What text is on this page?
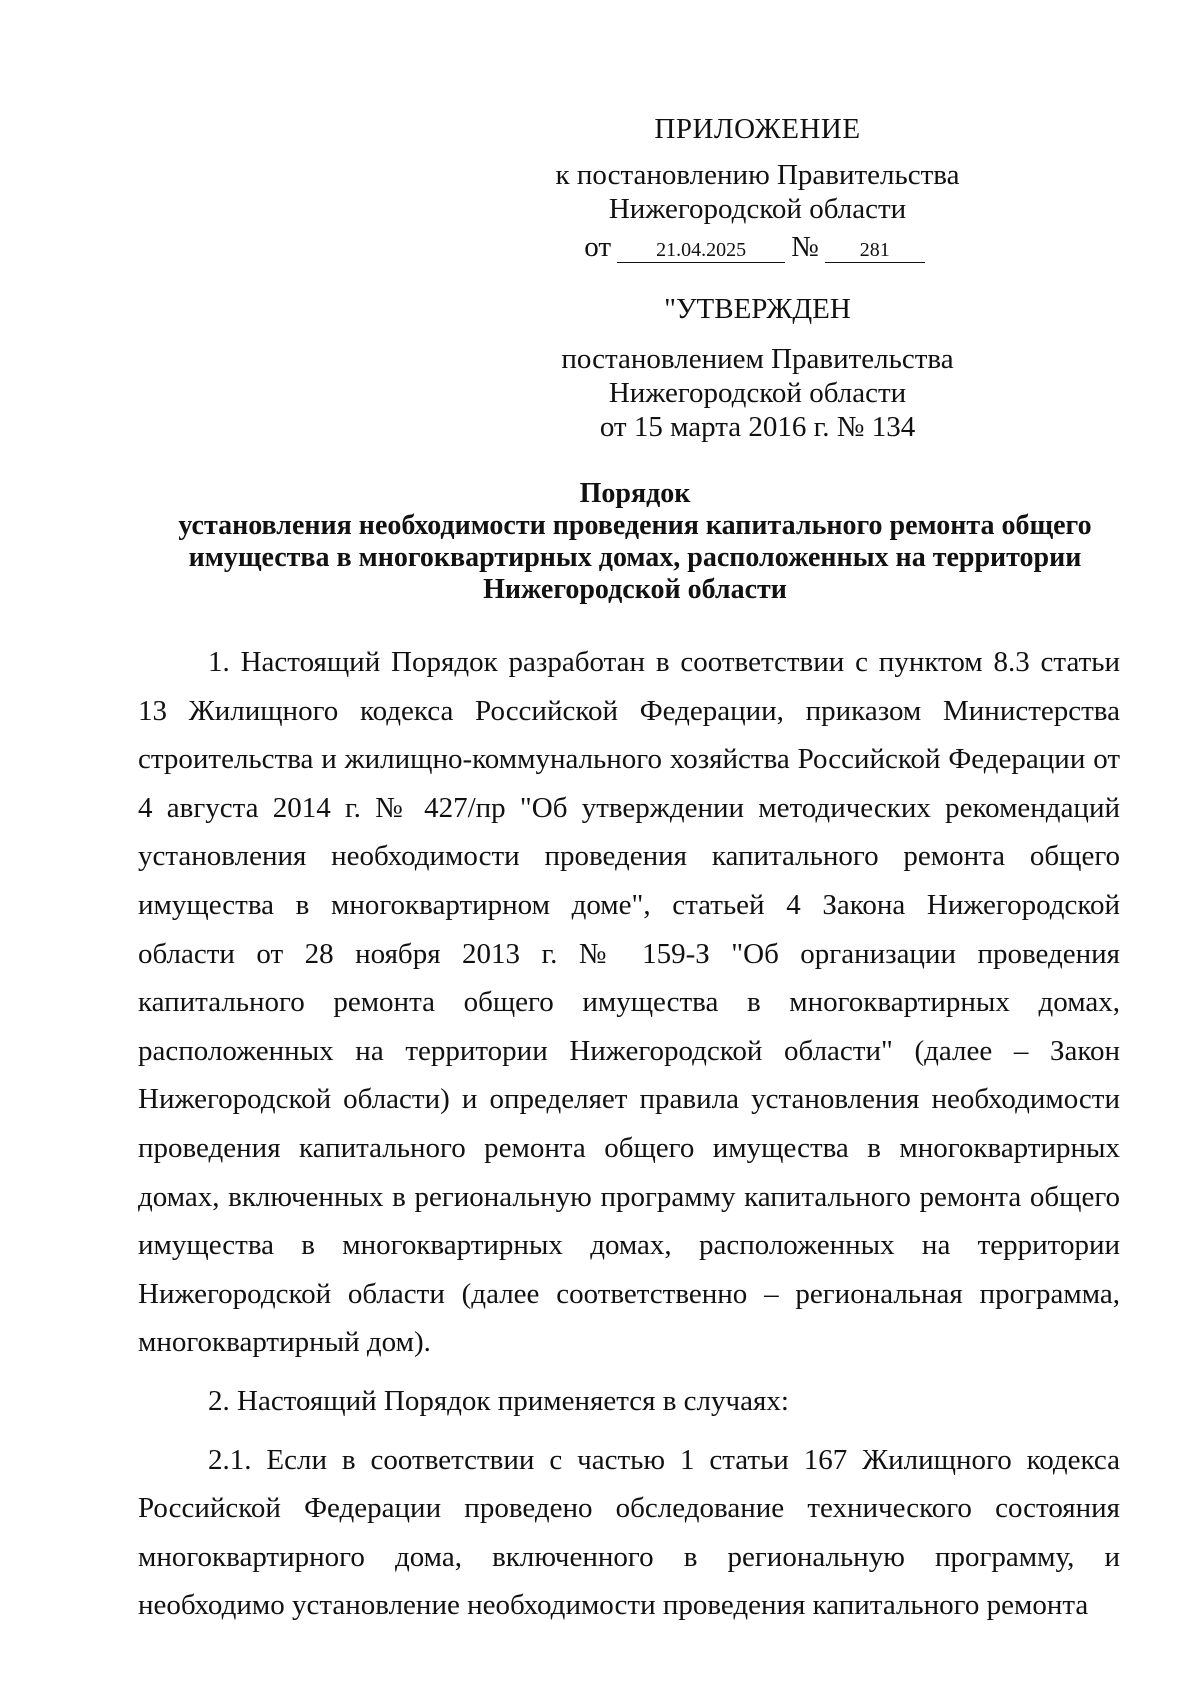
ПРИЛОЖЕНИЕ

к постановлению Правительства

Нижегородской области

от	21.04.2025	№	281

"УТВЕРЖДЕН

постановлением Правительства

Нижегородской области

от 15 марта 2016 г. № 134

Порядок

установления необходимости проведения капитального ремонта общего

имущества в многоквартирных домах, расположенных на территории

Нижегородской области

1. Настоящий Порядок разработан в соответствии с пунктом 8.3 статьи 13 Жилищного кодекса Российской Федерации, приказом Министерства строительства и жилищно-коммунального хозяйства Российской Федерации от 4 августа 2014 г. № 427/пр "Об утверждении методических рекомендаций установления необходимости проведения капитального ремонта общего имущества в многоквартирном доме", статьей 4 Закона Нижегородской области от 28 ноября 2013 г. № 159-З "Об организации проведения капитального ремонта общего имущества в многоквартирных домах, расположенных на территории Нижегородской области" (далее – Закон Нижегородской области) и определяет правила установления необходимости проведения капитального ремонта общего имущества в многоквартирных домах, включенных в региональную программу капитального ремонта общего имущества в многоквартирных домах, расположенных на территории Нижегородской области (далее соответственно – региональная программа, многоквартирный дом).

2. Настоящий Порядок применяется в случаях:

2.1. Если в соответствии с частью 1 статьи 167 Жилищного кодекса Российской Федерации проведено обследование технического состояния многоквартирного дома, включенного в региональную программу, и необходимо установление необходимости проведения капитального ремонта
